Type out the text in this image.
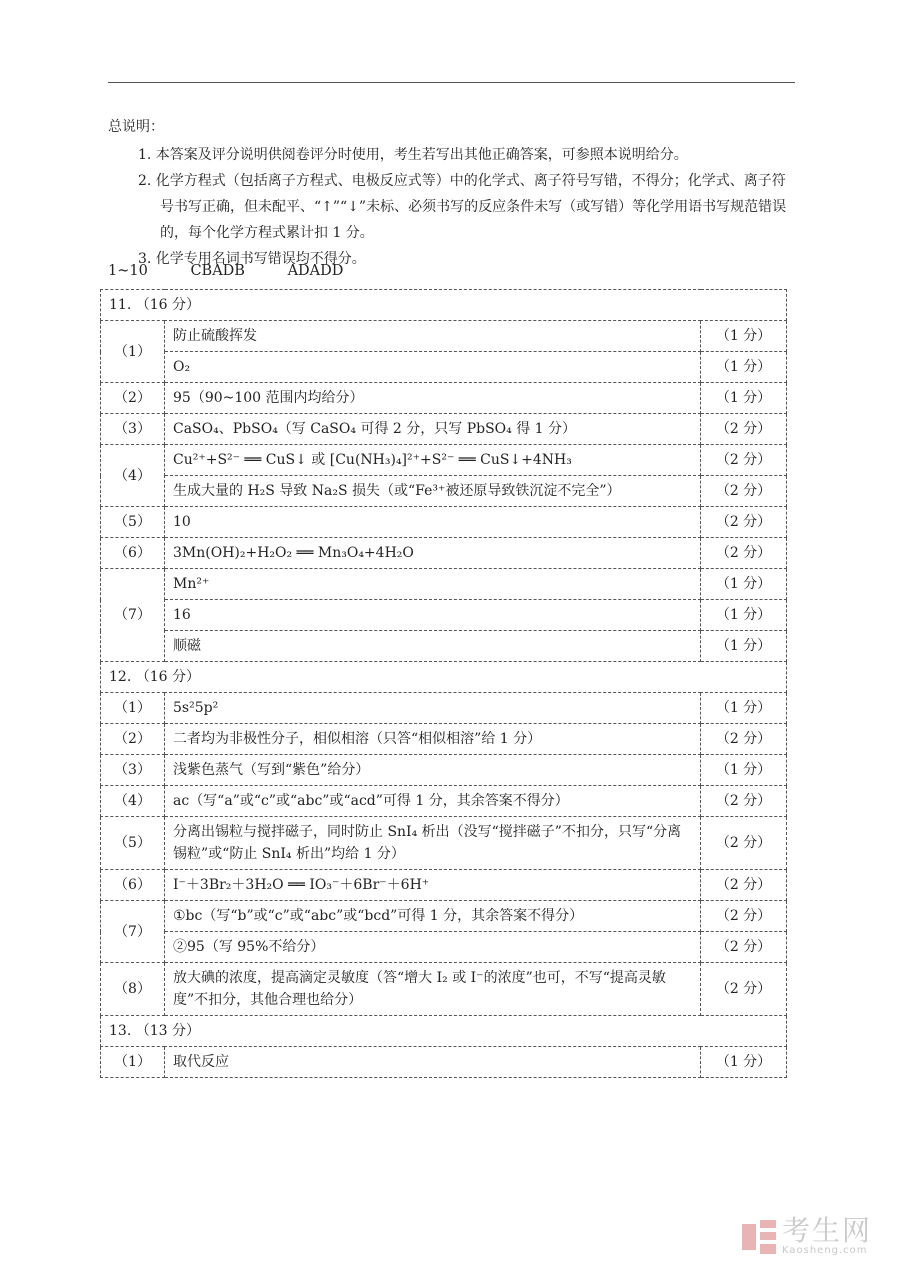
总说明：

1. 本答案及评分说明供阅卷评分时使用，考生若写出其他正确答案，可参照本说明给分。
2. 化学方程式（包括离子方程式、电极反应式等）中的化学式、离子符号写错，不得分；化学式、离子符号书写正确，但未配平、“↑”“↓”未标、必须书写的反应条件未写（或写错）等化学用语书写规范错误的，每个化学方程式累计扣 1 分。
3. 化学专用名词书写错误均不得分。
1~10	CBADB	ADADD
11. （16 分）		
（1）	防止硫酸挥发	（1 分）
	O₂	（1 分）
（2）	95（90~100 范围内均给分）	（1 分）
（3）	CaSO₄、PbSO₄（写 CaSO₄ 可得 2 分，只写 PbSO₄ 得 1 分）	（2 分）
（4）	Cu²⁺+S²⁻ ══ CuS↓ 或 [Cu(NH₃)₄]²⁺+S²⁻ ══ CuS↓+4NH₃	（2 分）
	生成大量的 H₂S 导致 Na₂S 损失（或“Fe³⁺被还原导致铁沉淀不完全”）	（2 分）
（5）	10	（2 分）
（6）	3Mn(OH)₂+H₂O₂ ══ Mn₃O₄+4H₂O	（2 分）
（7）	Mn²⁺	（1 分）
	16	（1 分）
	顺磁	（1 分）
12. （16 分）		
（1）	5s²5p²	（1 分）
（2）	二者均为非极性分子，相似相溶（只答“相似相溶”给 1 分）	（2 分）
（3）	浅紫色蒸气（写到“紫色”给分）	（1 分）
（4）	ac（写“a”或“c”或“abc”或“acd”可得 1 分，其余答案不得分）	（2 分）
（5）	分离出锡粒与搅拌磁子，同时防止 SnI₄ 析出（没写“搅拌磁子”不扣分，只写“分离锡粒”或“防止 SnI₄ 析出”均给 1 分）	（2 分）
（6）	I⁻＋3Br₂＋3H₂O ══ IO₃⁻＋6Br⁻＋6H⁺	（2 分）
（7）	①bc（写“b”或“c”或“abc”或“bcd”可得 1 分，其余答案不得分）	（2 分）
	②95（写 95%不给分）	（2 分）
（8）	放大碘的浓度，提高滴定灵敏度（答“增大 I₂ 或 I⁻的浓度”也可，不写“提高灵敏度”不扣分，其他合理也给分）	（2 分）
13. （13 分）		
（1）	取代反应	（1 分）
考生网
Kaosheng.com
